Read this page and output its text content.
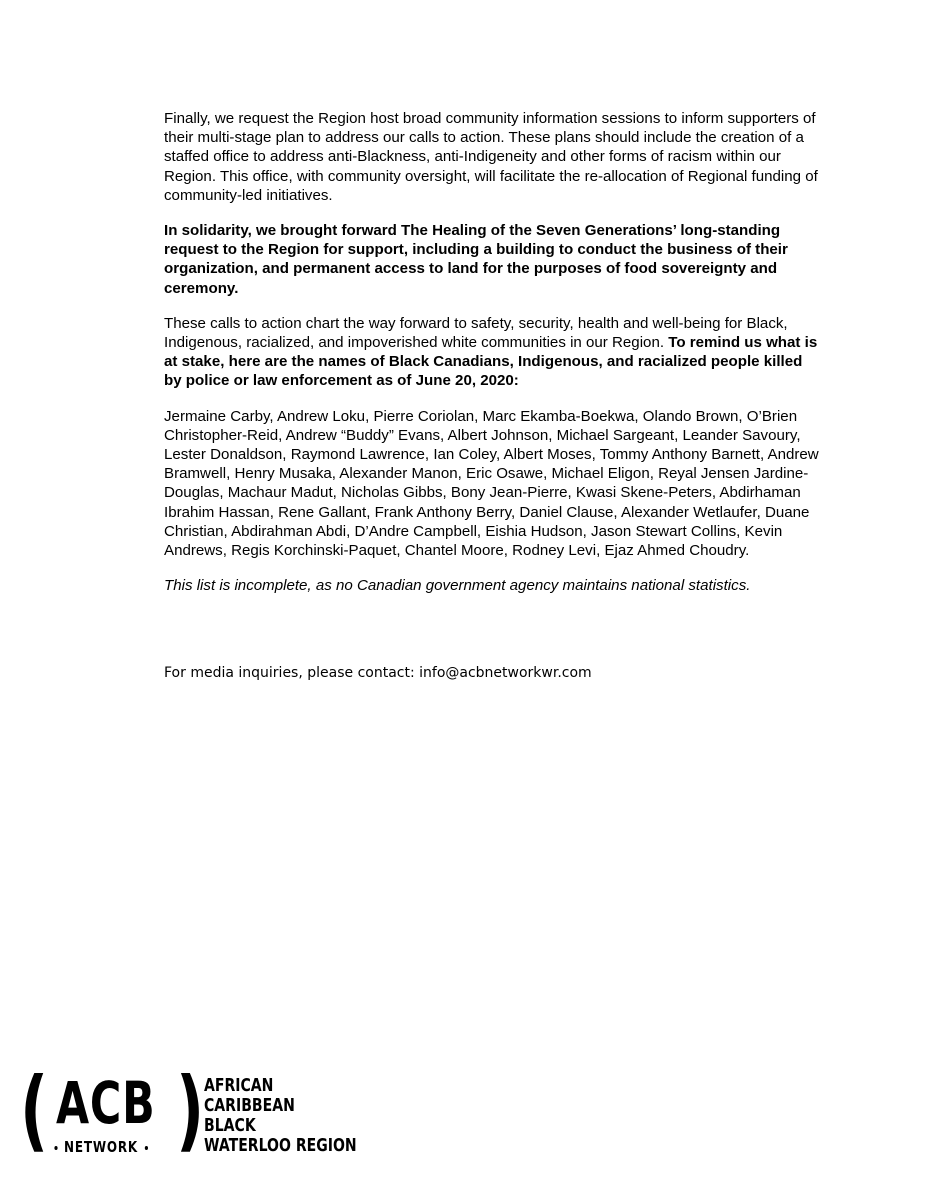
Finally, we request the Region host broad community information sessions to inform supporters of their multi-stage plan to address our calls to action. These plans should include the creation of a staffed office to address anti-Blackness, anti-Indigeneity and other forms of racism within our Region. This office, with community oversight, will facilitate the re-allocation of Regional funding of community-led initiatives.

In solidarity, we brought forward The Healing of the Seven Generations’ long-standing request to the Region for support, including a building to conduct the business of their organization, and permanent access to land for the purposes of food sovereignty and ceremony.

These calls to action chart the way forward to safety, security, health and well-being for Black, Indigenous, racialized, and impoverished white communities in our Region. To remind us what is at stake, here are the names of Black Canadians, Indigenous, and racialized people killed by police or law enforcement as of June 20, 2020:

Jermaine Carby, Andrew Loku, Pierre Coriolan, Marc Ekamba-Boekwa, Olando Brown, O’Brien Christopher-Reid, Andrew “Buddy” Evans, Albert Johnson, Michael Sargeant, Leander Savoury, Lester Donaldson, Raymond Lawrence, Ian Coley, Albert Moses, Tommy Anthony Barnett, Andrew Bramwell, Henry Musaka, Alexander Manon, Eric Osawe, Michael Eligon, Reyal Jensen Jardine-Douglas, Machaur Madut, Nicholas Gibbs, Bony Jean-Pierre, Kwasi Skene-Peters, Abdirhaman Ibrahim Hassan, Rene Gallant, Frank Anthony Berry, Daniel Clause, Alexander Wetlaufer, Duane Christian, Abdirahman Abdi, D’Andre Campbell, Eishia Hudson, Jason Stewart Collins, Kevin Andrews, Regis Korchinski-Paquet, Chantel Moore, Rodney Levi, Ejaz Ahmed Choudry.

This list is incomplete, as no Canadian government agency maintains national statistics.

For media inquiries, please contact: info@acbnetworkwr.com
( ACB )
NETWORK
AFRICAN
CARIBBEAN
BLACK
WATERLOO REGION
